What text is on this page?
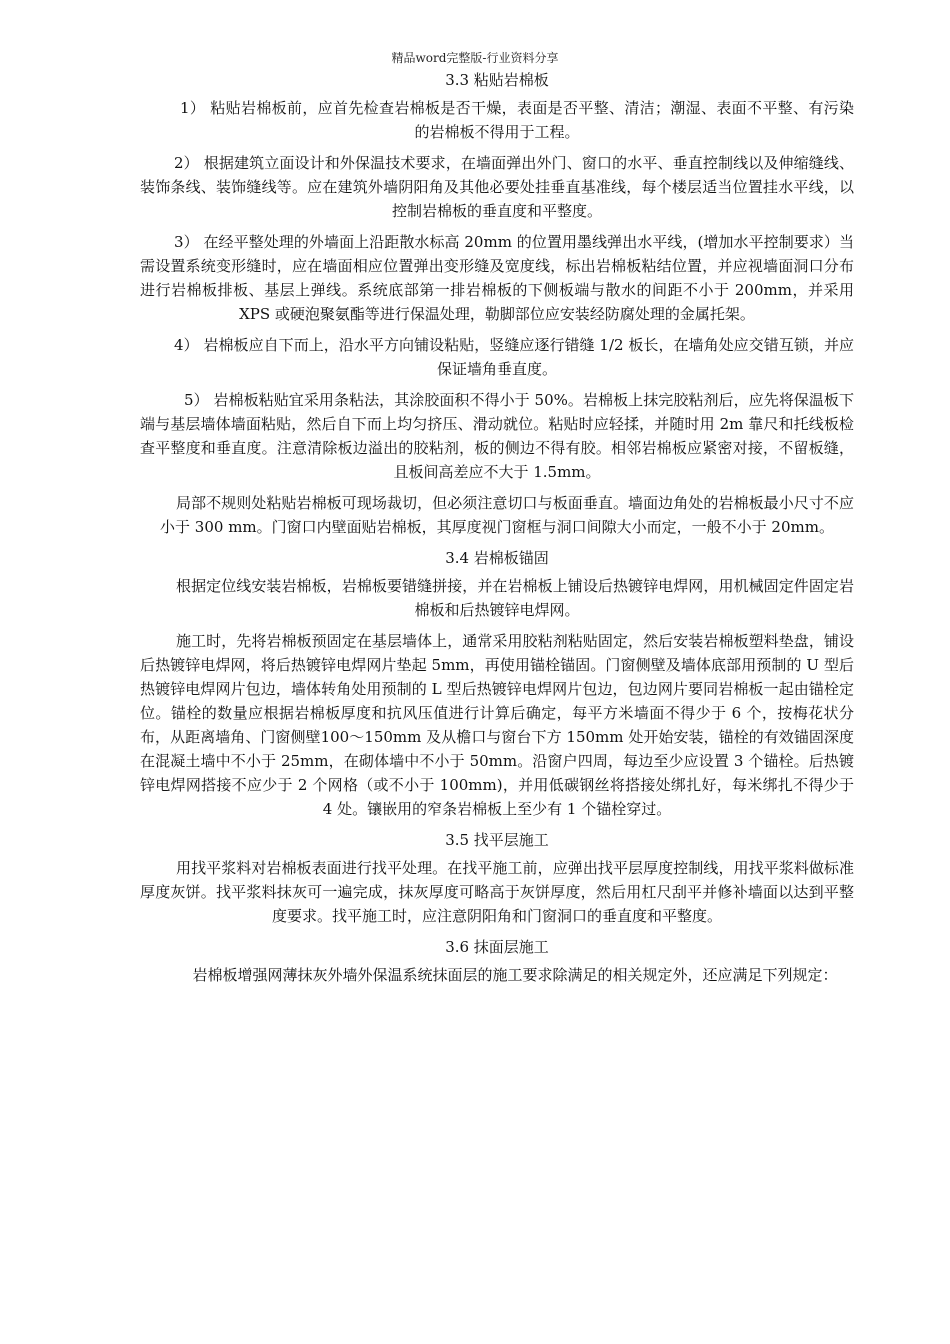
精品word完整版-行业资料分享
3.3 粘贴岩棉板

1） 粘贴岩棉板前，应首先检查岩棉板是否干燥，表面是否平整、清洁；潮湿、表面不平整、有污染的岩棉板不得用于工程。

2） 根据建筑立面设计和外保温技术要求，在墙面弹出外门、窗口的水平、垂直控制线以及伸缩缝线、装饰条线、装饰缝线等。应在建筑外墙阴阳角及其他必要处挂垂直基准线，每个楼层适当位置挂水平线，以控制岩棉板的垂直度和平整度。

3） 在经平整处理的外墙面上沿距散水标高 20mm 的位置用墨线弹出水平线，(增加水平控制要求）当需设置系统变形缝时，应在墙面相应位置弹出变形缝及宽度线，标出岩棉板粘结位置，并应视墙面洞口分布进行岩棉板排板、基层上弹线。系统底部第一排岩棉板的下侧板端与散水的间距不小于 200mm，并采用 XPS 或硬泡聚氨酯等进行保温处理，勒脚部位应安装经防腐处理的金属托架。

4） 岩棉板应自下而上，沿水平方向铺设粘贴，竖缝应逐行错缝 1/2 板长，在墙角处应交错互锁，并应保证墙角垂直度。

5） 岩棉板粘贴宜采用条粘法，其涂胶面积不得小于 50%。岩棉板上抹完胶粘剂后，应先将保温板下端与基层墙体墙面粘贴，然后自下而上均匀挤压、滑动就位。粘贴时应轻揉，并随时用 2m 靠尺和托线板检查平整度和垂直度。注意清除板边溢出的胶粘剂，板的侧边不得有胶。相邻岩棉板应紧密对接，不留板缝，且板间高差应不大于 1.5mm。

局部不规则处粘贴岩棉板可现场裁切，但必须注意切口与板面垂直。墙面边角处的岩棉板最小尺寸不应小于 300 mm。门窗口内壁面贴岩棉板，其厚度视门窗框与洞口间隙大小而定，一般不小于 20mm。

3.4 岩棉板锚固

根据定位线安装岩棉板，岩棉板要错缝拼接，并在岩棉板上铺设后热镀锌电焊网，用机械固定件固定岩棉板和后热镀锌电焊网。

施工时，先将岩棉板预固定在基层墙体上，通常采用胶粘剂粘贴固定，然后安装岩棉板塑料垫盘，铺设后热镀锌电焊网，将后热镀锌电焊网片垫起 5mm，再使用锚栓锚固。门窗侧壁及墙体底部用预制的 U 型后热镀锌电焊网片包边，墙体转角处用预制的 L 型后热镀锌电焊网片包边，包边网片要同岩棉板一起由锚栓定位。锚栓的数量应根据岩棉板厚度和抗风压值进行计算后确定，每平方米墙面不得少于 6 个，按梅花状分布，从距离墙角、门窗侧壁100～150mm 及从檐口与窗台下方 150mm 处开始安装，锚栓的有效锚固深度在混凝土墙中不小于 25mm，在砌体墙中不小于 50mm。沿窗户四周，每边至少应设置 3 个锚栓。后热镀锌电焊网搭接不应少于 2 个网格（或不小于 100mm)，并用低碳钢丝将搭接处绑扎好，每米绑扎不得少于 4 处。镶嵌用的窄条岩棉板上至少有 1 个锚栓穿过。

3.5 找平层施工

用找平浆料对岩棉板表面进行找平处理。在找平施工前，应弹出找平层厚度控制线，用找平浆料做标准厚度灰饼。找平浆料抹灰可一遍完成，抹灰厚度可略高于灰饼厚度，然后用杠尺刮平并修补墙面以达到平整度要求。找平施工时，应注意阴阳角和门窗洞口的垂直度和平整度。

3.6 抹面层施工

岩棉板增强网薄抹灰外墙外保温系统抹面层的施工要求除满足的相关规定外，还应满足下列规定：
